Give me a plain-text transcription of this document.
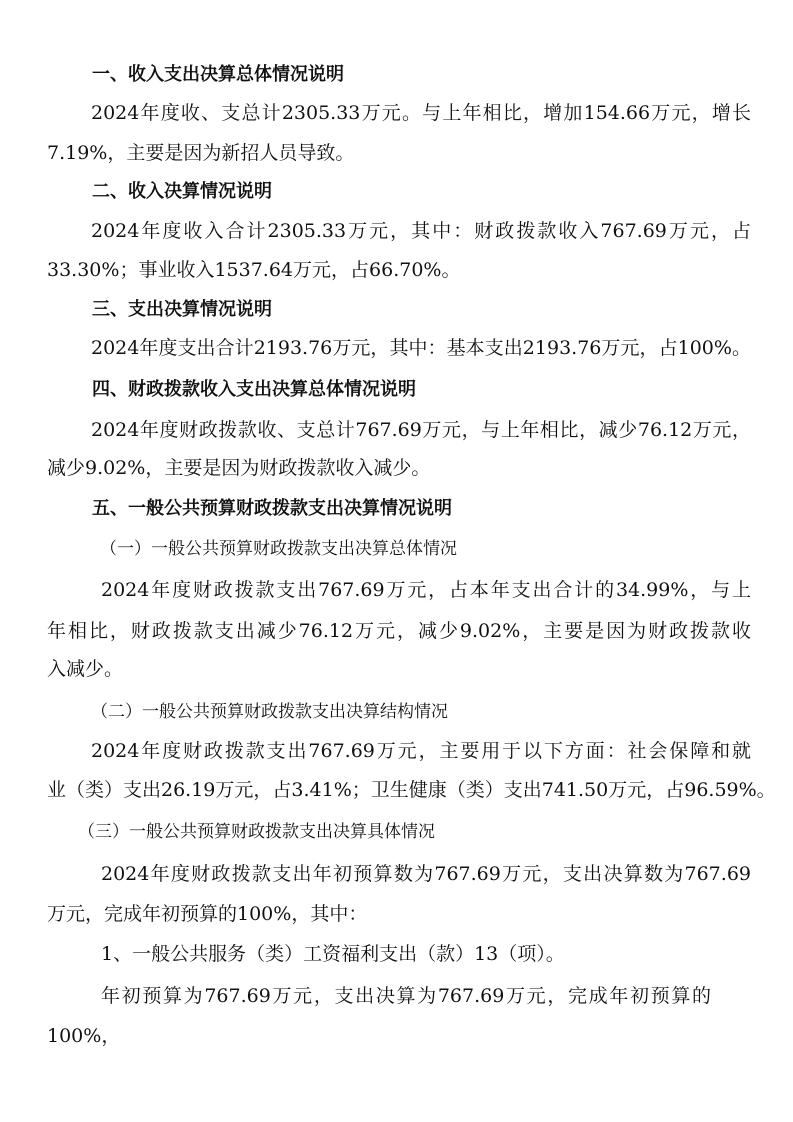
一、收入支出决算总体情况说明
2024年度收、支总计2305.33万元。与上年相比，增加154.66万元，增长
7.19%，主要是因为新招人员导致。
二、收入决算情况说明
2024年度收入合计2305.33万元，其中：财政拨款收入767.69万元，占
33.30%；事业收入1537.64万元，占66.70%。
三、支出决算情况说明
2024年度支出合计2193.76万元，其中：基本支出2193.76万元，占100%。
四、财政拨款收入支出决算总体情况说明
2024年度财政拨款收、支总计767.69万元，与上年相比，减少76.12万元，
减少9.02%，主要是因为财政拨款收入减少。
五、一般公共预算财政拨款支出决算情况说明
（一）一般公共预算财政拨款支出决算总体情况
2024年度财政拨款支出767.69万元，占本年支出合计的34.99%，与上
年相比，财政拨款支出减少76.12万元，减少9.02%，主要是因为财政拨款收
入减少。
（二）一般公共预算财政拨款支出决算结构情况
2024年度财政拨款支出767.69万元，主要用于以下方面：社会保障和就
业（类）支出26.19万元，占3.41%；卫生健康（类）支出741.50万元，占96.59%。
（三）一般公共预算财政拨款支出决算具体情况
2024年度财政拨款支出年初预算数为767.69万元，支出决算数为767.69
万元，完成年初预算的100%，其中：
1、一般公共服务（类）工资福利支出（款）13（项）。
年初预算为767.69万元，支出决算为767.69万元，完成年初预算的
100%，
